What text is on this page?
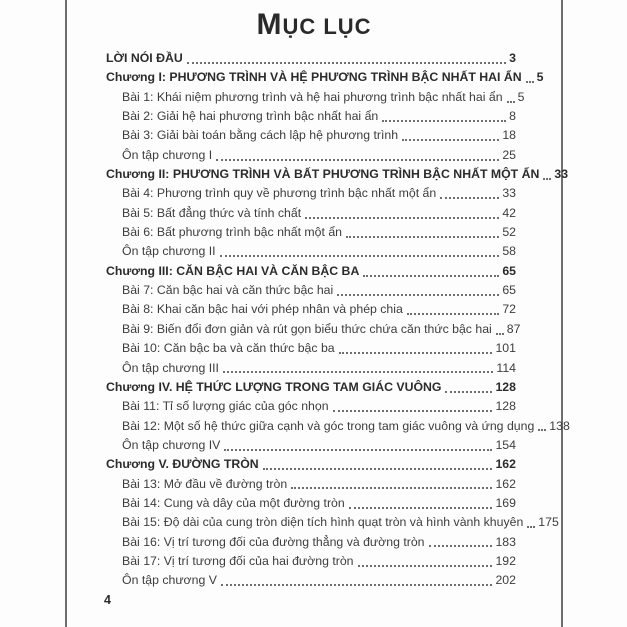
MỤC LỤC
LỜI NÓI ĐẦU	3
Chương I: PHƯƠNG TRÌNH VÀ HỆ PHƯƠNG TRÌNH BẬC NHẤT HAI ẨN 5
Bài 1: Khái niệm phương trình và hệ hai phương trình bậc nhất hai ẩn 5
Bài 2: Giải hệ hai phương trình bậc nhất hai ẩn	8
Bài 3: Giải bài toán bằng cách lập hệ phương trình	18
Ôn tập chương I	25
Chương II: PHƯƠNG TRÌNH VÀ BẤT PHƯƠNG TRÌNH BẬC NHẤT MỘT ẨN 33
Bài 4: Phương trình quy về phương trình bậc nhất một ẩn	33
Bài 5: Bất đẳng thức và tính chất	42
Bài 6: Bất phương trình bậc nhất một ẩn	52
Ôn tập chương II	58
Chương III: CĂN BẬC HAI VÀ CĂN BẬC BA	65
Bài 7: Căn bậc hai và căn thức bậc hai	65
Bài 8: Khai căn bậc hai với phép nhân và phép chia	72
Bài 9: Biến đổi đơn giản và rút gọn biểu thức chứa căn thức bậc hai 87
Bài 10: Căn bậc ba và căn thức bậc ba	101
Ôn tập chương III	114
Chương IV. HỆ THỨC LƯỢNG TRONG TAM GIÁC VUÔNG	128
Bài 11: Tỉ số lượng giác của góc nhọn	128
Bài 12: Một số hệ thức giữa cạnh và góc trong tam giác vuông và ứng dụng 138
Ôn tập chương IV	154
Chương V. ĐƯỜNG TRÒN	162
Bài 13: Mở đầu về đường tròn	162
Bài 14: Cung và dây của một đường tròn	169
Bài 15: Độ dài của cung tròn diện tích hình quạt tròn và hình vành khuyên 175
Bài 16: Vị trí tương đối của đường thẳng và đường tròn	183
Bài 17: Vị trí tương đối của hai đường tròn	192
Ôn tập chương V	202
4
